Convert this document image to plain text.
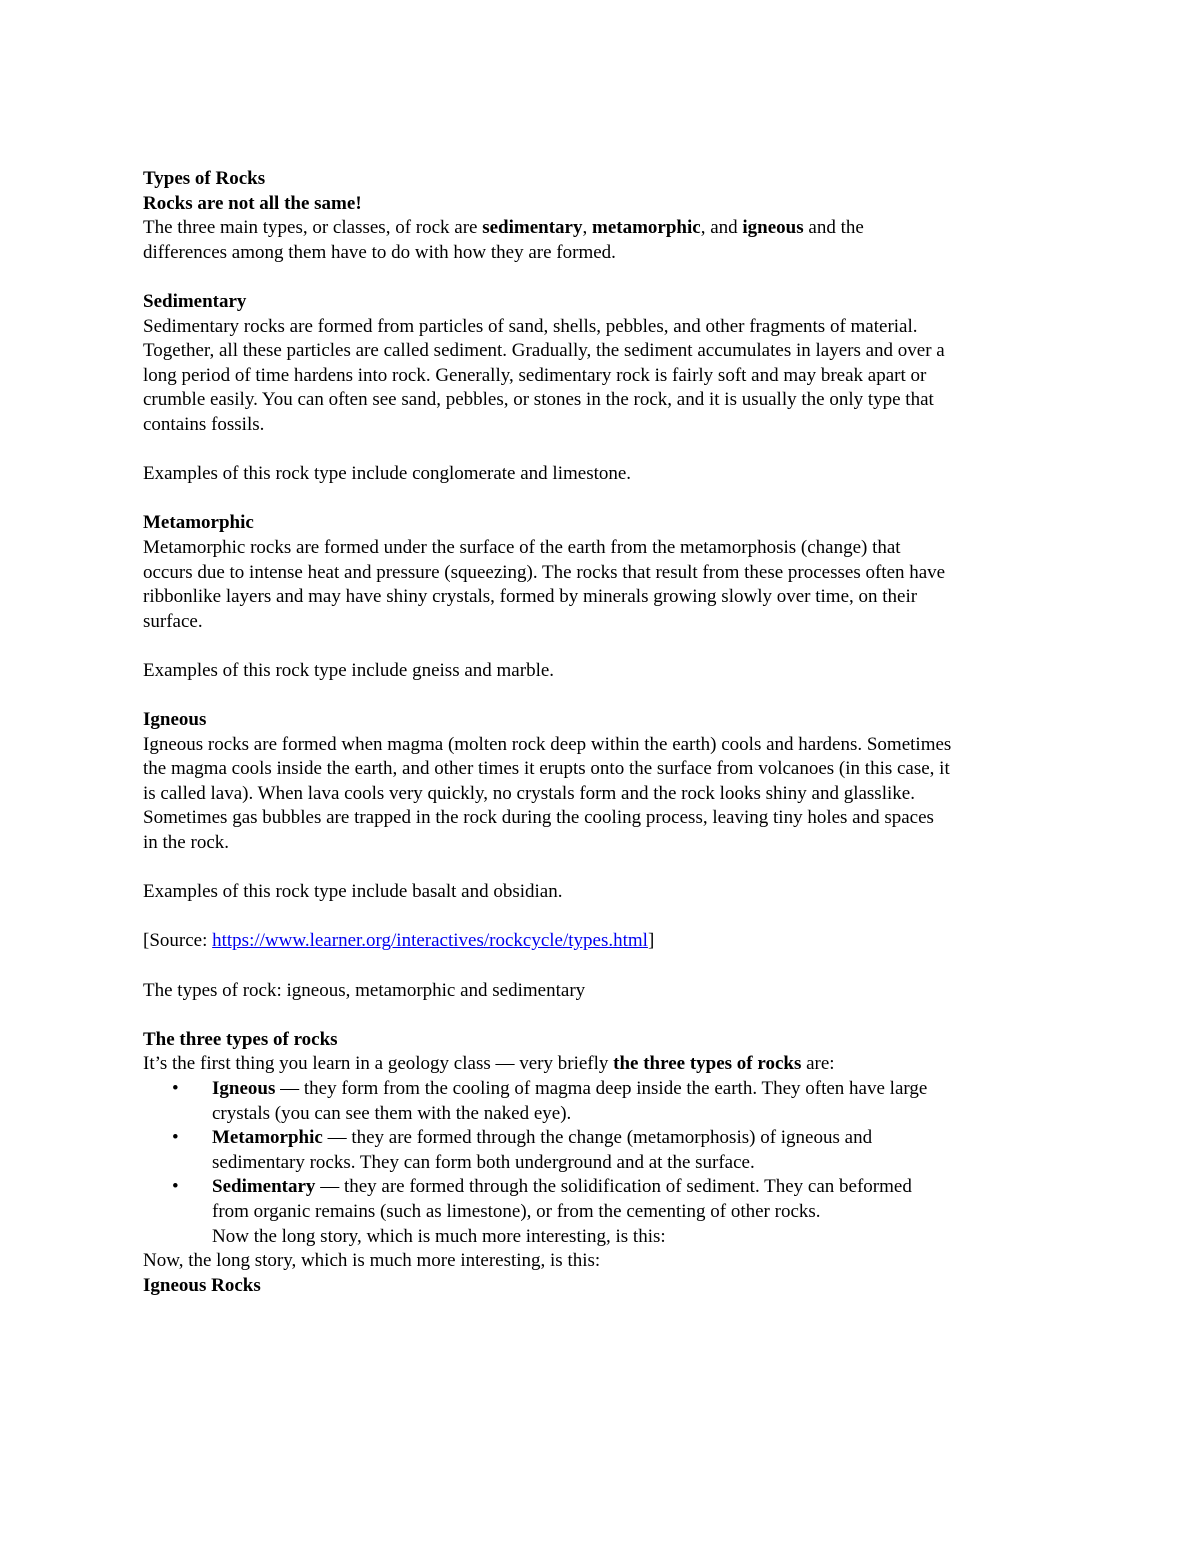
Types of Rocks
Rocks are not all the same!
The three main types, or classes, of rock are sedimentary, metamorphic, and igneous and the
differences among them have to do with how they are formed.
Sedimentary
Sedimentary rocks are formed from particles of sand, shells, pebbles, and other fragments of material.
Together, all these particles are called sediment. Gradually, the sediment accumulates in layers and over a
long period of time hardens into rock. Generally, sedimentary rock is fairly soft and may break apart or
crumble easily. You can often see sand, pebbles, or stones in the rock, and it is usually the only type that
contains fossils.
Examples of this rock type include conglomerate and limestone.
Metamorphic
Metamorphic rocks are formed under the surface of the earth from the metamorphosis (change) that
occurs due to intense heat and pressure (squeezing). The rocks that result from these processes often have
ribbonlike layers and may have shiny crystals, formed by minerals growing slowly over time, on their
surface.
Examples of this rock type include gneiss and marble.
Igneous
Igneous rocks are formed when magma (molten rock deep within the earth) cools and hardens. Sometimes
the magma cools inside the earth, and other times it erupts onto the surface from volcanoes (in this case, it
is called lava). When lava cools very quickly, no crystals form and the rock looks shiny and glasslike.
Sometimes gas bubbles are trapped in the rock during the cooling process, leaving tiny holes and spaces
in the rock.
Examples of this rock type include basalt and obsidian.
[Source: https://www.learner.org/interactives/rockcycle/types.html]
The types of rock: igneous, metamorphic and sedimentary
The three types of rocks
It’s the first thing you learn in a geology class — very briefly the three types of rocks are:
• Igneous — they form from the cooling of magma deep inside the earth. They often have large
crystals (you can see them with the naked eye).
• Metamorphic — they are formed through the change (metamorphosis) of igneous and
sedimentary rocks. They can form both underground and at the surface.
• Sedimentary — they are formed through the solidification of sediment. They can beformed
from organic remains (such as limestone), or from the cementing of other rocks.
Now the long story, which is much more interesting, is this:
Now, the long story, which is much more interesting, is this:
Igneous Rocks
